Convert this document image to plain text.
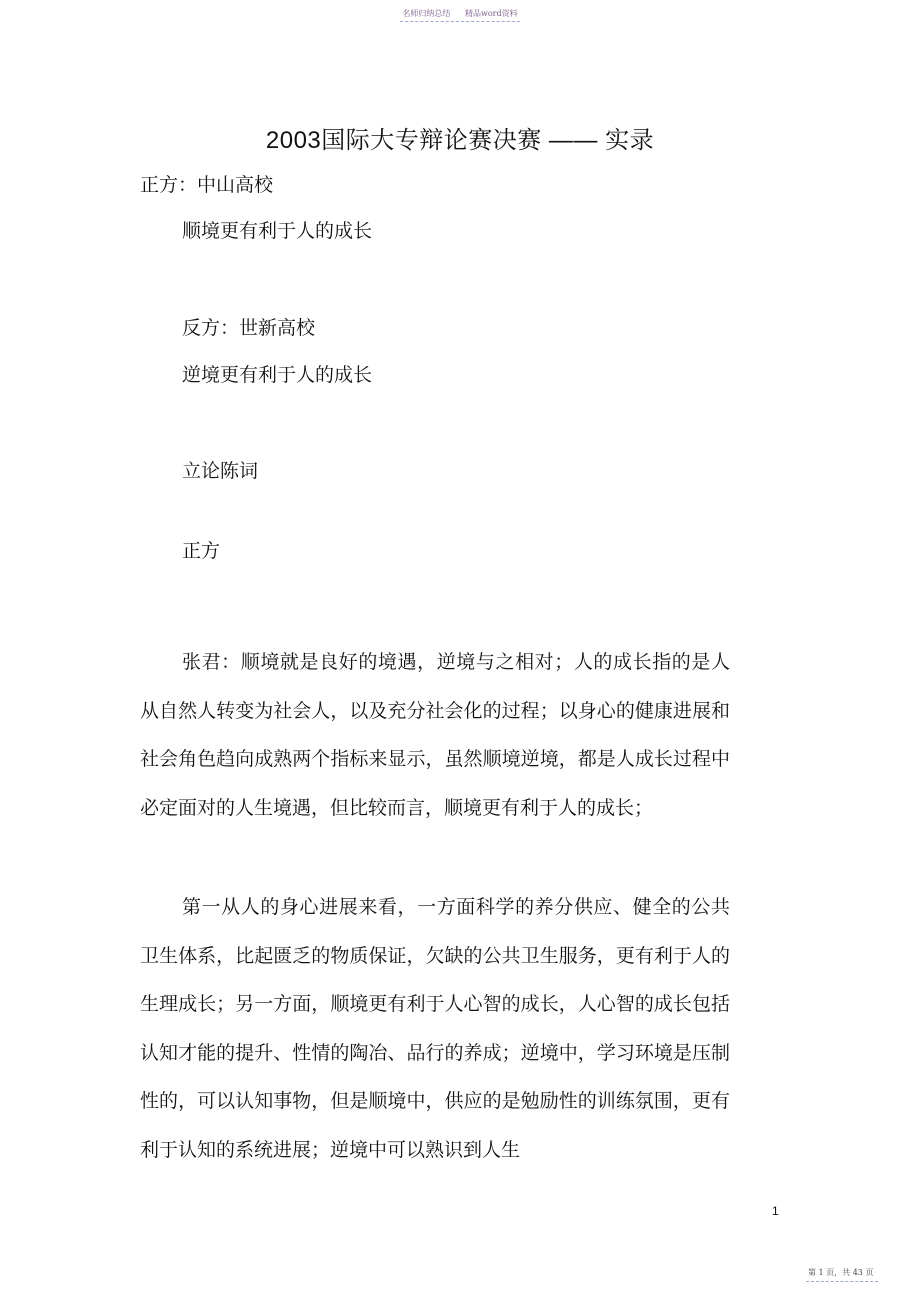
名师归纳总结 精品word资料
2003国际大专辩论赛决赛 —— 实录
正方：中山高校
顺境更有利于人的成长
反方：世新高校
逆境更有利于人的成长
立论陈词
正方
张君：顺境就是良好的境遇，逆境与之相对；人的成长指的是人从自然人转变为社会人，以及充分社会化的过程；以身心的健康进展和社会角色趋向成熟两个指标来显示，虽然顺境逆境，都是人成长过程中必定面对的人生境遇，但比较而言，顺境更有利于人的成长；
第一从人的身心进展来看，一方面科学的养分供应、健全的公共卫生体系，比起匮乏的物质保证，欠缺的公共卫生服务，更有利于人的生理成长；另一方面，顺境更有利于人心智的成长，人心智的成长包括认知才能的提升、性情的陶冶、品行的养成；逆境中，学习环境是压制性的，可以认知事物，但是顺境中，供应的是勉励性的训练氛围，更有利于认知的系统进展；逆境中可以熟识到人生
1
第 1 页，共 43 页
